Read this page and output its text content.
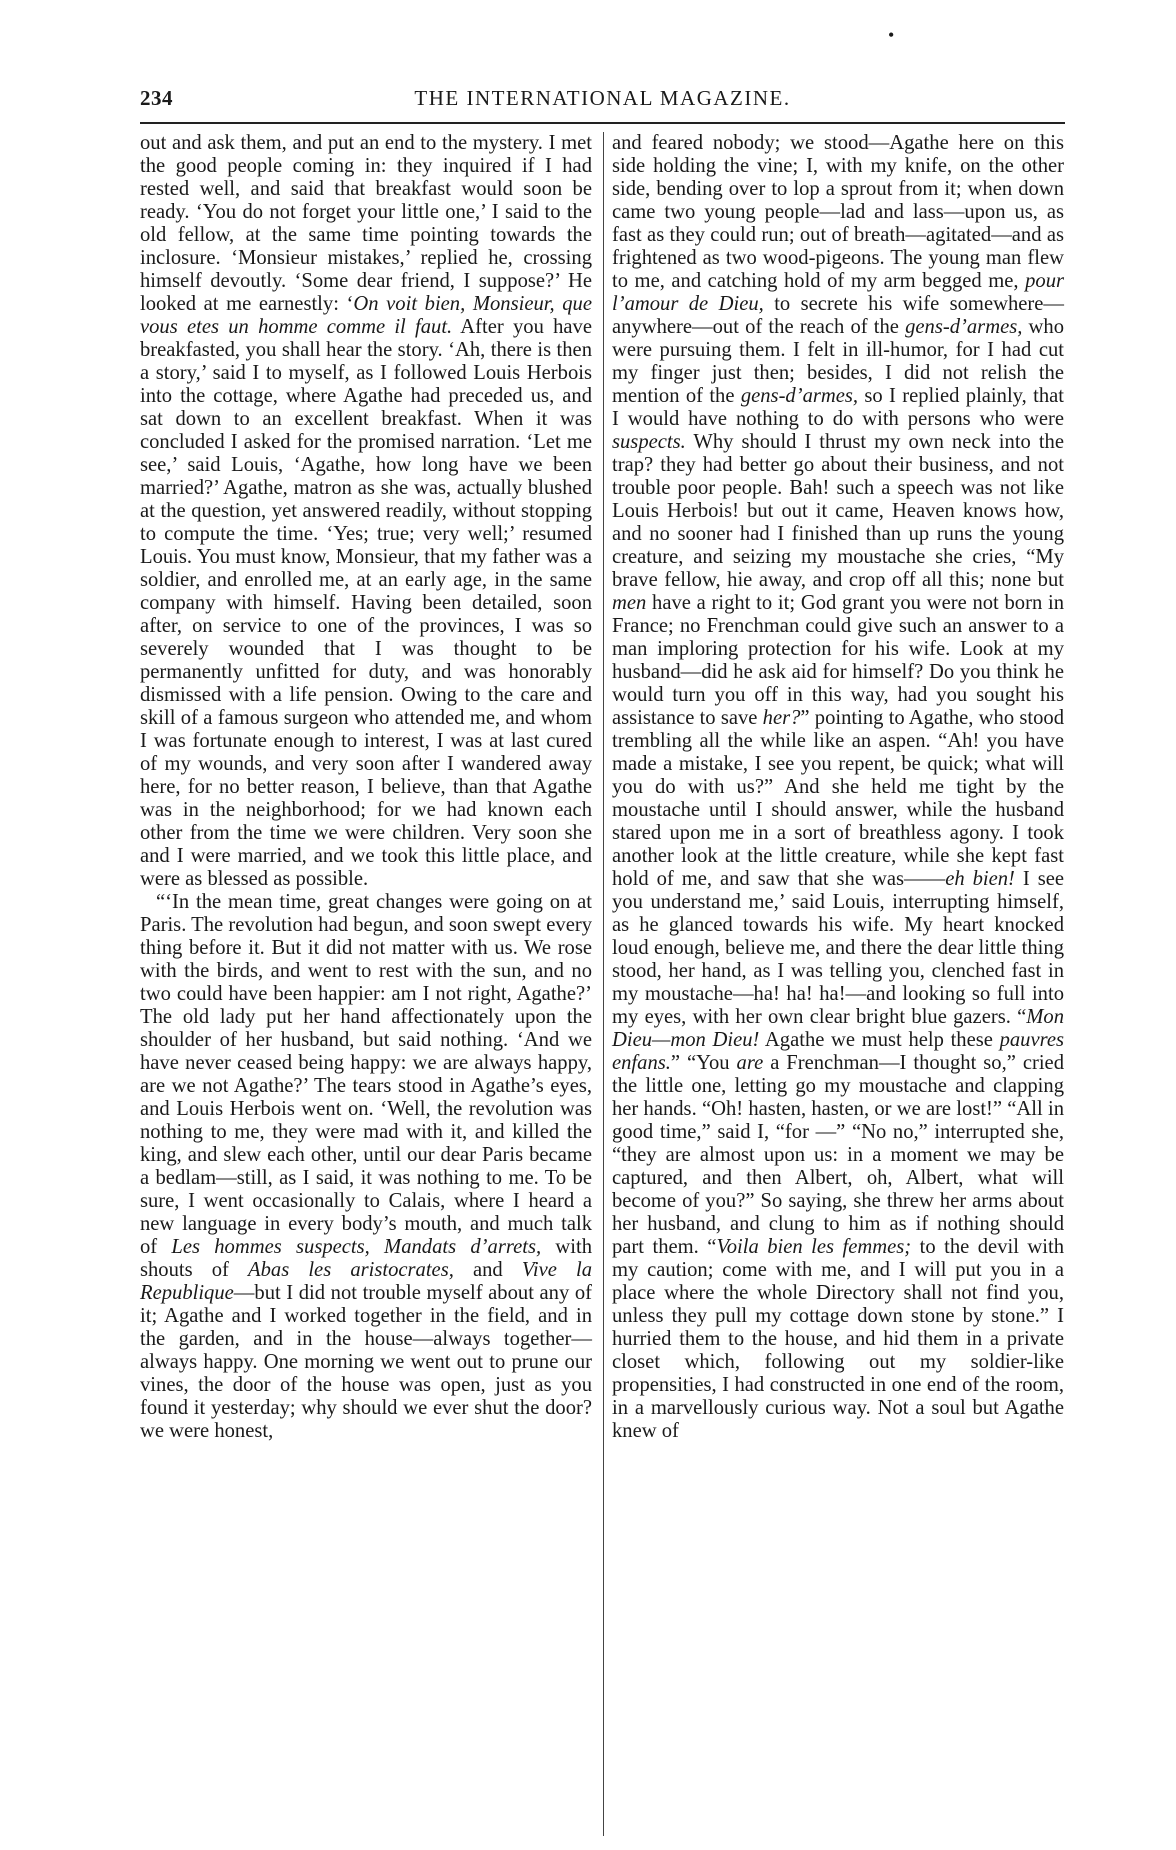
•
234	THE INTERNATIONAL MAGAZINE.

out and ask them, and put an end to the mystery. I met the good people coming in: they inquired if I had rested well, and said that breakfast would soon be ready. ‘You do not forget your little one,’ I said to the old fellow, at the same time pointing towards the inclosure. ‘Monsieur mistakes,’ replied he, crossing himself devoutly. ‘Some dear friend, I suppose?’ He looked at me earnestly: ‘On voit bien, Monsieur, que vous etes un homme comme il faut. After you have breakfasted, you shall hear the story. ‘Ah, there is then a story,’ said I to myself, as I followed Louis Herbois into the cottage, where Agathe had preceded us, and sat down to an excellent breakfast. When it was concluded I asked for the promised narration. ‘Let me see,’ said Louis, ‘Agathe, how long have we been married?’ Agathe, matron as she was, actually blushed at the question, yet answered readily, without stopping to compute the time. ‘Yes; true; very well;’ resumed Louis. You must know, Monsieur, that my father was a soldier, and enrolled me, at an early age, in the same company with himself. Having been detailed, soon after, on service to one of the provinces, I was so severely wounded that I was thought to be permanently unfitted for duty, and was honorably dismissed with a life pension. Owing to the care and skill of a famous surgeon who attended me, and whom I was fortunate enough to interest, I was at last cured of my wounds, and very soon after I wandered away here, for no better reason, I believe, than that Agathe was in the neighborhood; for we had known each other from the time we were children. Very soon she and I were married, and we took this little place, and were as blessed as possible.

“‘In the mean time, great changes were going on at Paris. The revolution had begun, and soon swept every thing before it. But it did not matter with us. We rose with the birds, and went to rest with the sun, and no two could have been happier: am I not right, Agathe?’ The old lady put her hand affectionately upon the shoulder of her husband, but said nothing. ‘And we have never ceased being happy: we are always happy, are we not Agathe?’ The tears stood in Agathe’s eyes, and Louis Herbois went on. ‘Well, the revolution was nothing to me, they were mad with it, and killed the king, and slew each other, until our dear Paris became a bedlam—still, as I said, it was nothing to me. To be sure, I went occasionally to Calais, where I heard a new language in every body’s mouth, and much talk of Les hommes suspects, Mandats d’arrets, with shouts of Abas les aristocrates, and Vive la Republique—but I did not trouble myself about any of it; Agathe and I worked together in the field, and in the garden, and in the house—always together—always happy. One morning we went out to prune our vines, the door of the house was open, just as you found it yesterday; why should we ever shut the door? we were honest,

and feared nobody; we stood—Agathe here on this side holding the vine; I, with my knife, on the other side, bending over to lop a sprout from it; when down came two young people—lad and lass—upon us, as fast as they could run; out of breath—agitated—and as frightened as two wood-pigeons. The young man flew to me, and catching hold of my arm begged me, pour l’amour de Dieu, to secrete his wife somewhere—anywhere—out of the reach of the gens-d’armes, who were pursuing them. I felt in ill-humor, for I had cut my finger just then; besides, I did not relish the mention of the gens-d’armes, so I replied plainly, that I would have nothing to do with persons who were suspects. Why should I thrust my own neck into the trap? they had better go about their business, and not trouble poor people. Bah! such a speech was not like Louis Herbois! but out it came, Heaven knows how, and no sooner had I finished than up runs the young creature, and seizing my moustache she cries, “My brave fellow, hie away, and crop off all this; none but men have a right to it; God grant you were not born in France; no Frenchman could give such an answer to a man imploring protection for his wife. Look at my husband—did he ask aid for himself? Do you think he would turn you off in this way, had you sought his assistance to save her?” pointing to Agathe, who stood trembling all the while like an aspen. “Ah! you have made a mistake, I see you repent, be quick; what will you do with us?” And she held me tight by the moustache until I should answer, while the husband stared upon me in a sort of breathless agony. I took another look at the little creature, while she kept fast hold of me, and saw that she was——eh bien! I see you understand me,’ said Louis, interrupting himself, as he glanced towards his wife. My heart knocked loud enough, believe me, and there the dear little thing stood, her hand, as I was telling you, clenched fast in my moustache—ha! ha! ha!—and looking so full into my eyes, with her own clear bright blue gazers. “Mon Dieu—mon Dieu! Agathe we must help these pauvres enfans.” “You are a Frenchman—I thought so,” cried the little one, letting go my moustache and clapping her hands. “Oh! hasten, hasten, or we are lost!” “All in good time,” said I, “for —” “No no,” interrupted she, “they are almost upon us: in a moment we may be captured, and then Albert, oh, Albert, what will become of you?” So saying, she threw her arms about her husband, and clung to him as if nothing should part them. “Voila bien les femmes; to the devil with my caution; come with me, and I will put you in a place where the whole Directory shall not find you, unless they pull my cottage down stone by stone.” I hurried them to the house, and hid them in a private closet which, following out my soldier-like propensities, I had constructed in one end of the room, in a marvellously curious way. Not a soul but Agathe knew of
